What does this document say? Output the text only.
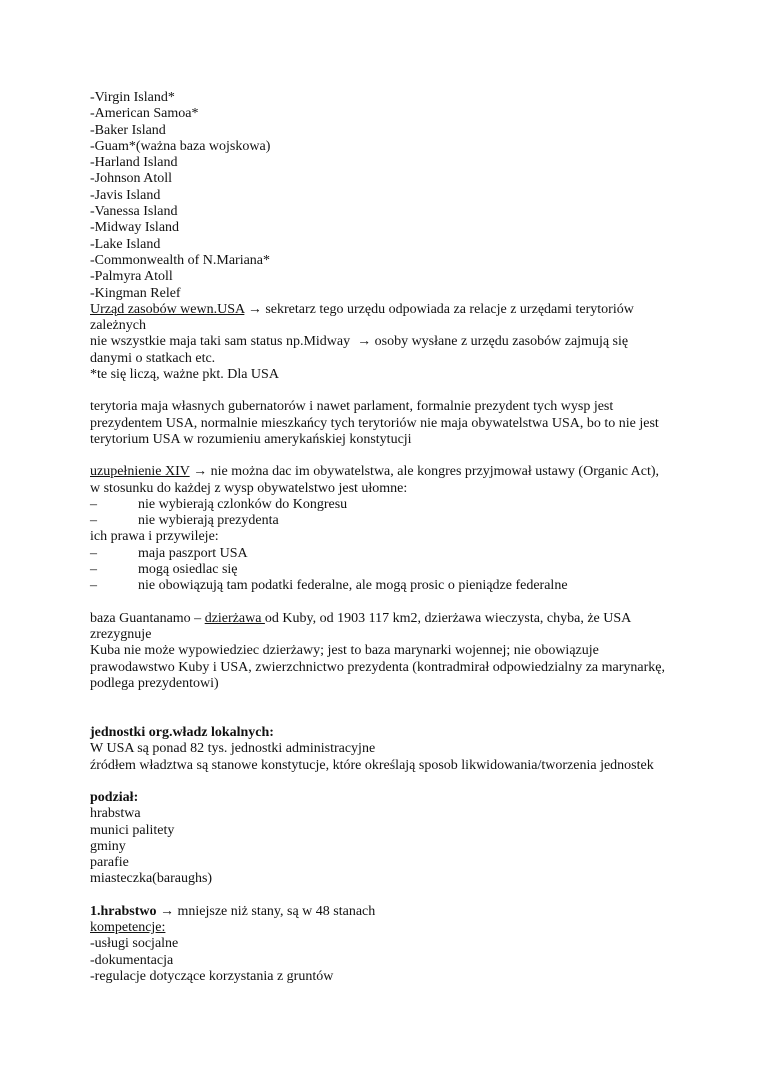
-Virgin Island*
-American Samoa*
-Baker Island
-Guam*(ważna baza wojskowa)
-Harland Island
-Johnson Atoll
-Javis Island
-Vanessa Island
-Midway Island
-Lake Island
-Commonwealth of N.Mariana*
-Palmyra Atoll
-Kingman Relef
Urząd zasobów wewn.USA → sekretarz tego urzędu odpowiada za relacje z urzędami terytoriów
zależnych
nie wszystkie maja taki sam status np.Midway  → osoby wysłane z urzędu zasobów zajmują się
danymi o statkach etc.
*te się liczą, ważne pkt. Dla USA
terytoria maja własnych gubernatorów i nawet parlament, formalnie prezydent tych wysp jest
prezydentem USA, normalnie mieszkańcy tych terytoriów nie maja obywatelstwa USA, bo to nie jest
terytorium USA w rozumieniu amerykańskiej konstytucji
uzupełnienie XIV → nie można dac im obywatelstwa, ale kongres przyjmował ustawy (Organic Act),
w stosunku do każdej z wysp obywatelstwo jest ułomne:
–	nie wybierają czlonków do Kongresu
–	nie wybierają prezydenta
ich prawa i przywileje:
–	maja paszport USA
–	mogą osiedlac się
–	nie obowiązują tam podatki federalne, ale mogą prosic o pieniądze federalne
baza Guantanamo – dzierżawa od Kuby, od 1903 117 km2, dzierżawa wieczysta, chyba, że USA
zrezygnuje
Kuba nie może wypowiedziec dzierżawy; jest to baza marynarki wojennej; nie obowiązuje
prawodawstwo Kuby i USA, zwierzchnictwo prezydenta (kontradmirał odpowiedzialny za marynarkę,
podlega prezydentowi)
jednostki org.władz lokalnych:
W USA są ponad 82 tys. jednostki administracyjne
źródłem władztwa są stanowe konstytucje, które określają sposob likwidowania/tworzenia jednostek
podział:
hrabstwa
munici palitety
gminy
parafie
miasteczka(baraughs)
1.hrabstwo → mniejsze niż stany, są w 48 stanach
kompetencje:
-usługi socjalne
-dokumentacja
-regulacje dotyczące korzystania z gruntów
